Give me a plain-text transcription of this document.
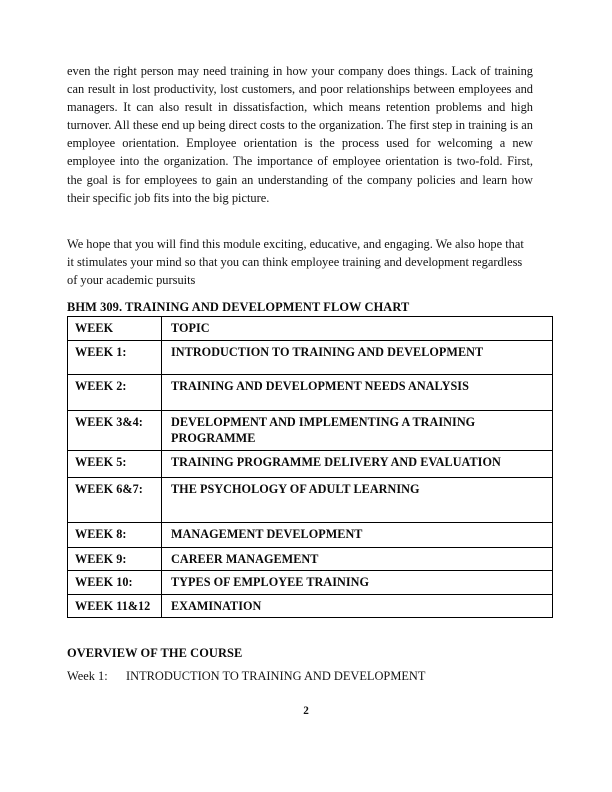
even the right person may need training in how your company does things. Lack of training can result in lost productivity, lost customers, and poor relationships between employees and managers. It can also result in dissatisfaction, which means retention problems and high turnover. All these end up being direct costs to the organization. The first step in training is an employee orientation. Employee orientation is the process used for welcoming a new employee into the organization. The importance of employee orientation is two-fold. First, the goal is for employees to gain an understanding of the company policies and learn how their specific job fits into the big picture.

We hope that you will find this module exciting, educative, and engaging. We also hope that it stimulates your mind so that you can think employee training and development regardless of your academic pursuits

BHM 309. TRAINING AND DEVELOPMENT FLOW CHART
WEEK	TOPIC
WEEK 1:	INTRODUCTION TO TRAINING AND DEVELOPMENT
WEEK 2:	TRAINING AND DEVELOPMENT NEEDS ANALYSIS
WEEK 3&4:	DEVELOPMENT AND IMPLEMENTING A TRAINING PROGRAMME
WEEK 5:	TRAINING PROGRAMME DELIVERY AND EVALUATION
WEEK 6&7:	THE PSYCHOLOGY OF ADULT LEARNING
WEEK 8:	MANAGEMENT DEVELOPMENT
WEEK 9:	CAREER MANAGEMENT
WEEK 10:	TYPES OF EMPLOYEE TRAINING
WEEK 11&12	EXAMINATION
OVERVIEW OF THE COURSE
Week 1:	INTRODUCTION TO TRAINING AND DEVELOPMENT
2
